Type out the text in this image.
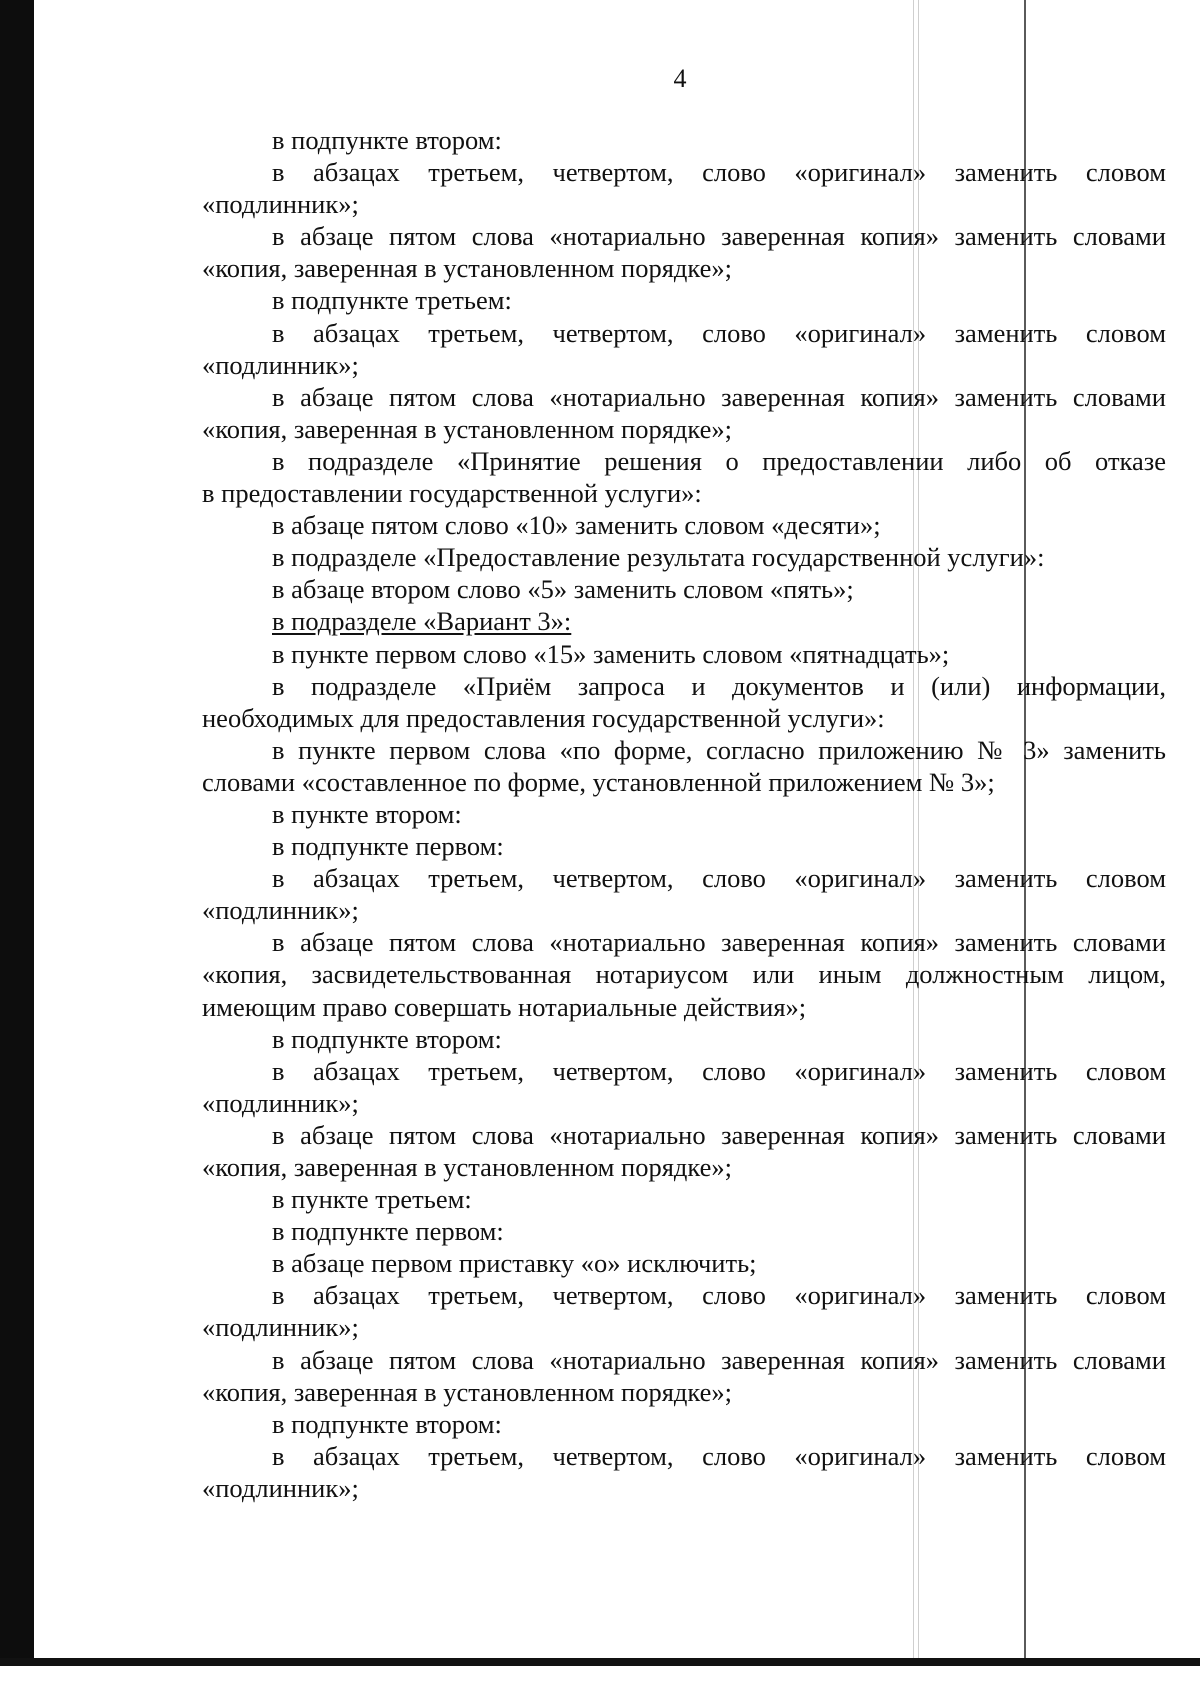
4
в подпункте втором:
в абзацах третьем, четвертом, слово «оригинал» заменить словом
«подлинник»;
в абзаце пятом слова «нотариально заверенная копия» заменить словами
«копия, заверенная в установленном порядке»;
в подпункте третьем:
в абзацах третьем, четвертом, слово «оригинал» заменить словом
«подлинник»;
в абзаце пятом слова «нотариально заверенная копия» заменить словами
«копия, заверенная в установленном порядке»;
в подразделе «Принятие решения о предоставлении либо об отказе
в предоставлении государственной услуги»:
в абзаце пятом слово «10» заменить словом «десяти»;
в подразделе «Предоставление результата государственной услуги»:
в абзаце втором слово «5» заменить словом «пять»;
в подразделе «Вариант 3»:
в пункте первом слово «15» заменить словом «пятнадцать»;
в подразделе «Приём запроса и документов и (или) информации,
необходимых для предоставления государственной услуги»:
в пункте первом слова «по форме, согласно приложению № 3» заменить
словами «составленное по форме, установленной приложением № 3»;
в пункте втором:
в подпункте первом:
в абзацах третьем, четвертом, слово «оригинал» заменить словом
«подлинник»;
в абзаце пятом слова «нотариально заверенная копия» заменить словами
«копия, засвидетельствованная нотариусом или иным должностным лицом,
имеющим право совершать нотариальные действия»;
в подпункте втором:
в абзацах третьем, четвертом, слово «оригинал» заменить словом
«подлинник»;
в абзаце пятом слова «нотариально заверенная копия» заменить словами
«копия, заверенная в установленном порядке»;
в пункте третьем:
в подпункте первом:
в абзаце первом приставку «о» исключить;
в абзацах третьем, четвертом, слово «оригинал» заменить словом
«подлинник»;
в абзаце пятом слова «нотариально заверенная копия» заменить словами
«копия, заверенная в установленном порядке»;
в подпункте втором:
в абзацах третьем, четвертом, слово «оригинал» заменить словом
«подлинник»;
